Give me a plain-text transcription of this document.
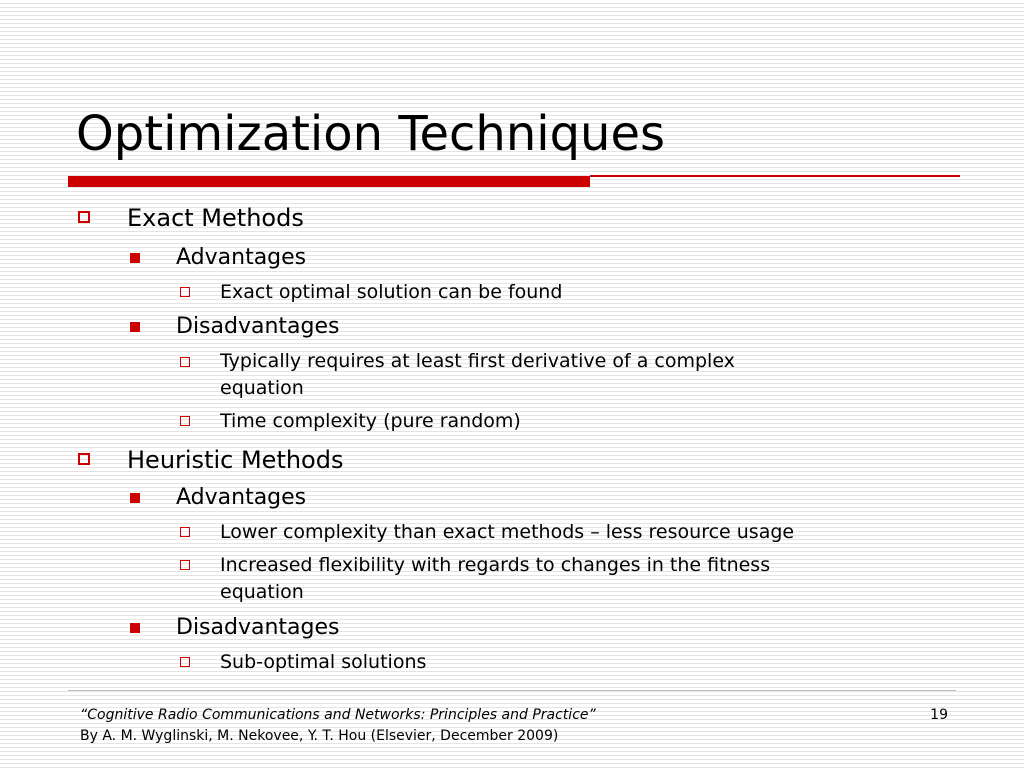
Optimization Techniques
Exact Methods
Advantages
Exact optimal solution can be found
Disadvantages
Typically requires at least first derivative of a complex
equation
Time complexity (pure random)
Heuristic Methods
Advantages
Lower complexity than exact methods – less resource usage
Increased flexibility with regards to changes in the fitness
equation
Disadvantages
Sub-optimal solutions
“Cognitive Radio Communications and Networks: Principles and Practice”
By A. M. Wyglinski, M. Nekovee, Y. T. Hou (Elsevier, December 2009)
19
